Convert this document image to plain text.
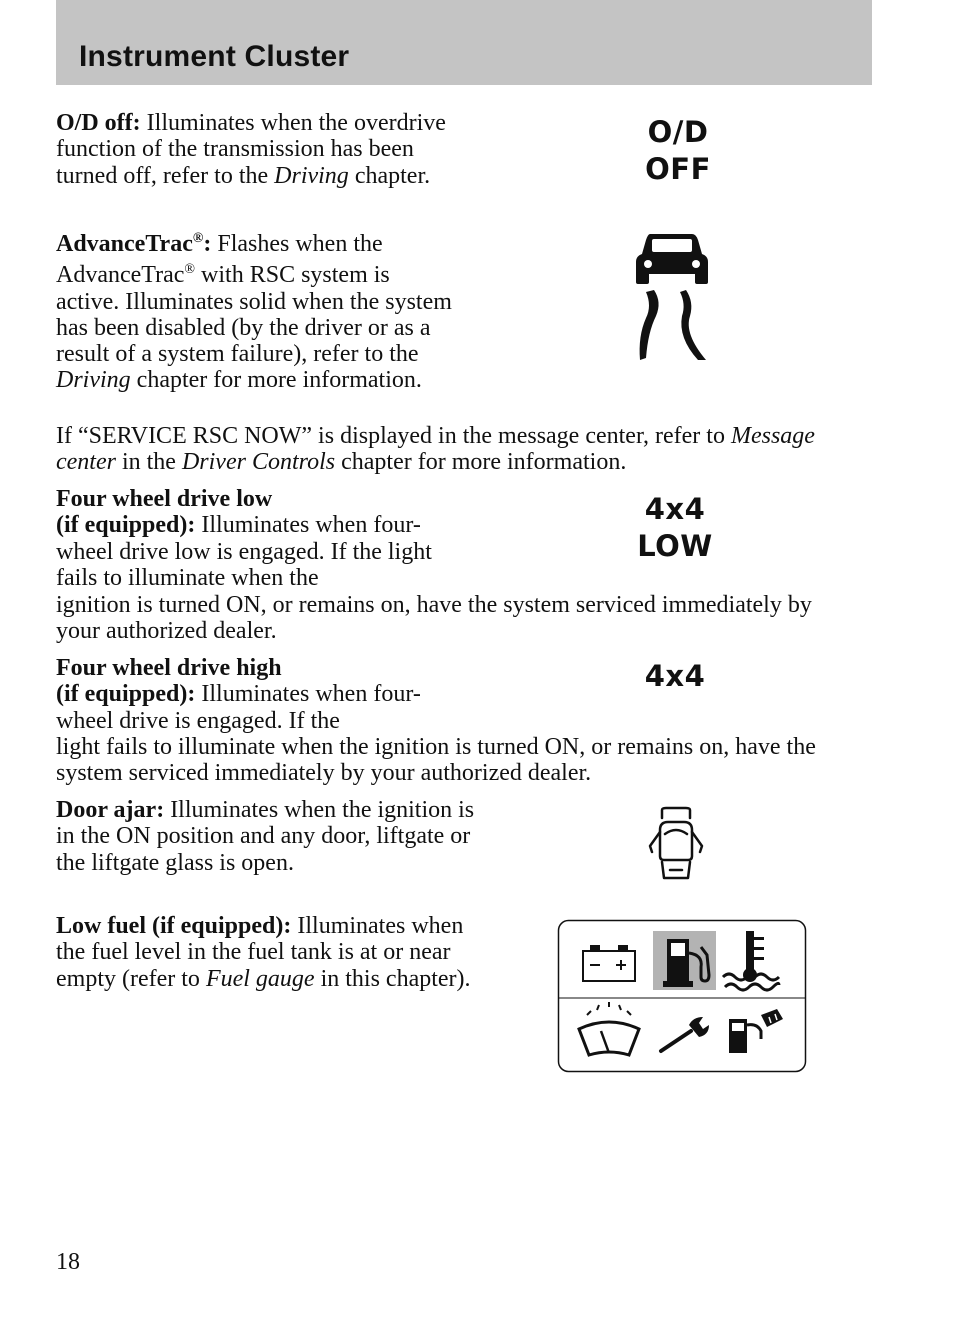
Instrument Cluster

O/D off: Illuminates when the overdrive function of the transmission has been turned off, refer to the Driving chapter.

O/D
OFF

AdvanceTrac®: Flashes when the AdvanceTrac® with RSC system is active. Illuminates solid when the system has been disabled (by the driver or as a result of a system failure), refer to the Driving chapter for more information.

If “SERVICE RSC NOW” is displayed in the message center, refer to Message center in the Driver Controls chapter for more information.

Four wheel drive low
(if equipped): Illuminates when four-wheel drive low is engaged. If the light fails to illuminate when the

ignition is turned ON, or remains on, have the system serviced immediately by your authorized dealer.

4x4
LOW

Four wheel drive high
(if equipped): Illuminates when four-wheel drive is engaged. If the

light fails to illuminate when the ignition is turned ON, or remains on, have the system serviced immediately by your authorized dealer.

4x4

Door ajar: Illuminates when the ignition is in the ON position and any door, liftgate or the liftgate glass is open.

Low fuel (if equipped): Illuminates when the fuel level in the fuel tank is at or near empty (refer to Fuel gauge in this chapter).

18
